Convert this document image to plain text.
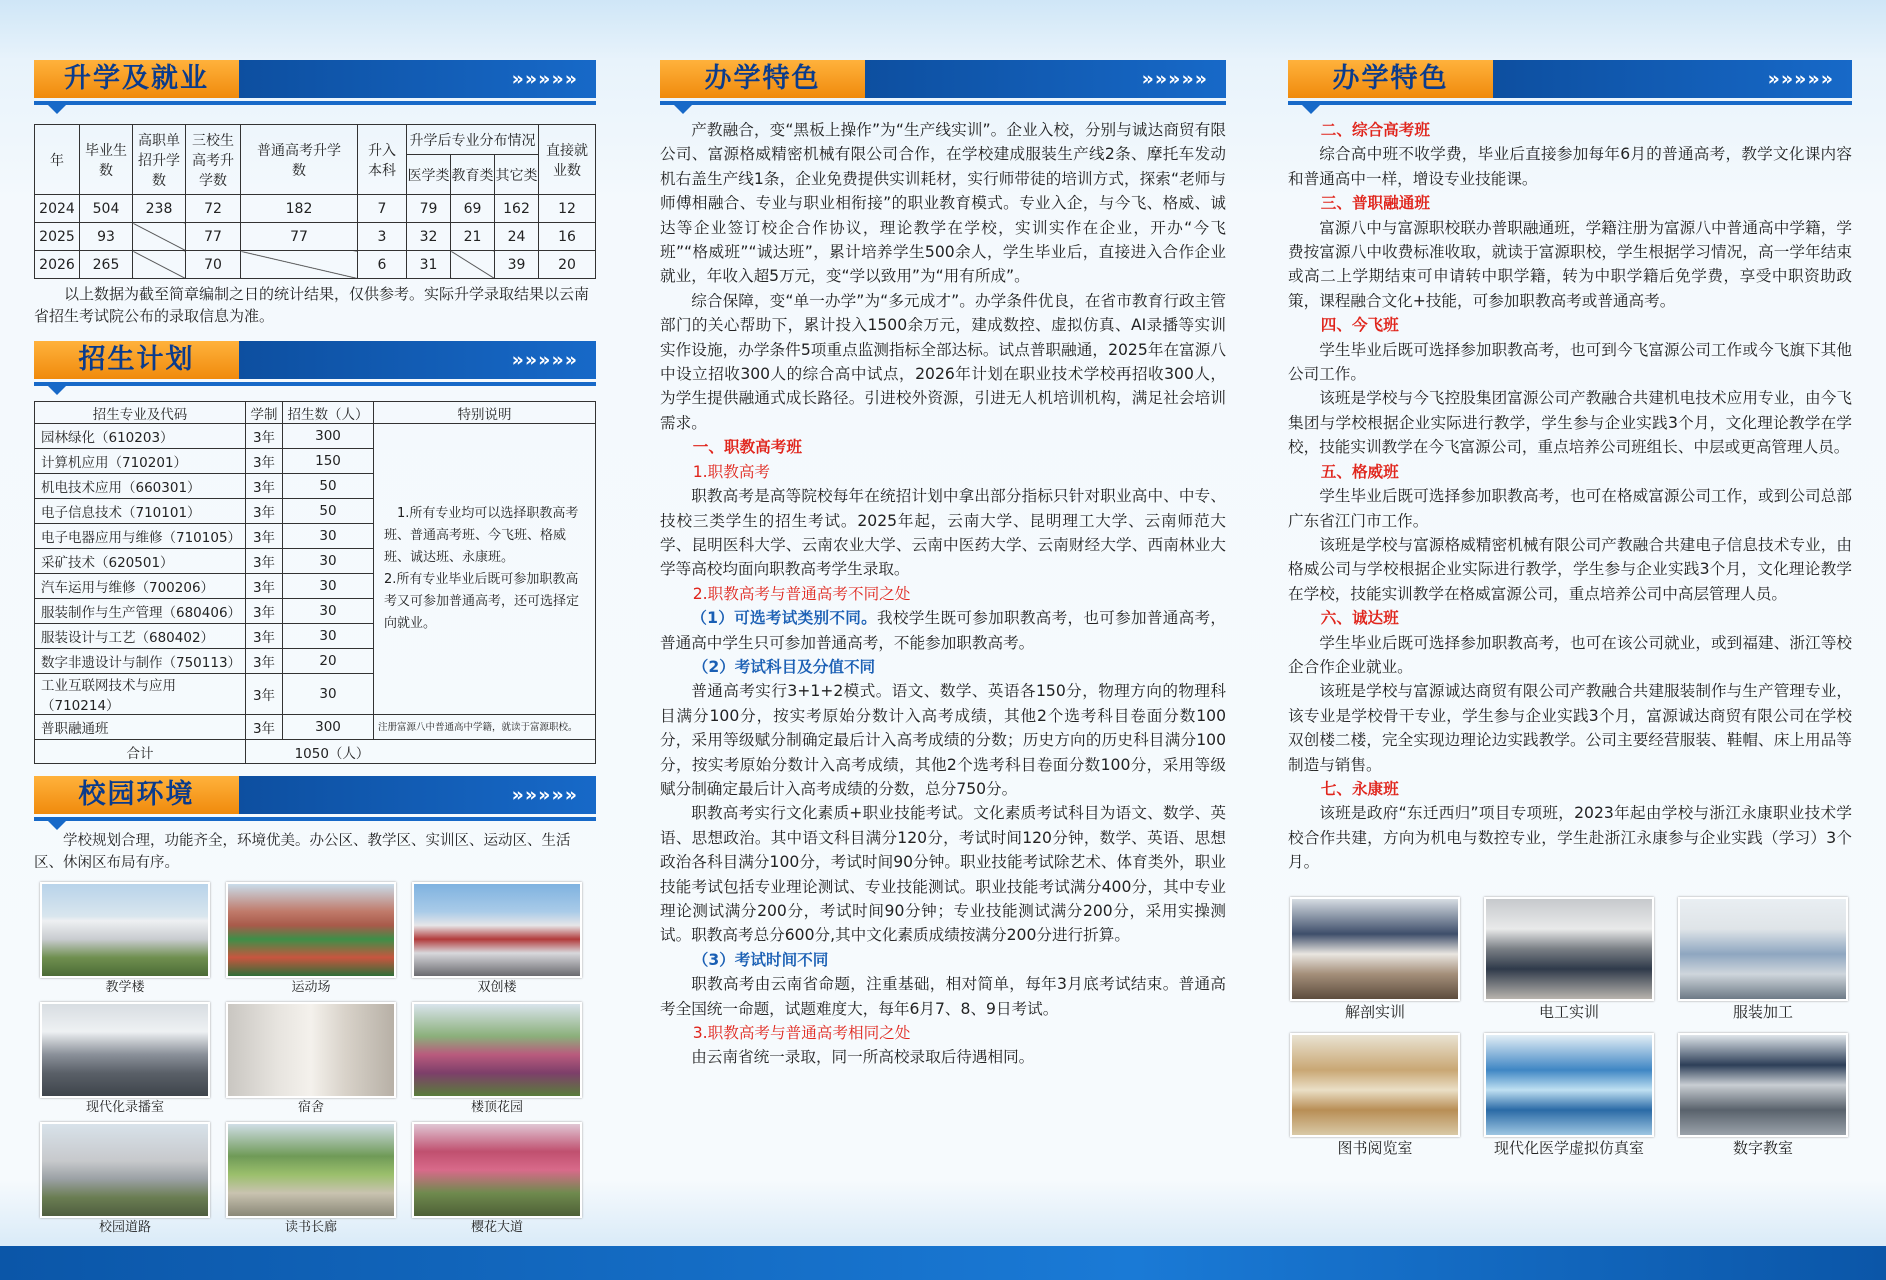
升学及就业	»»»»»
年	毕业生数	高职单招升学数	三校生高考升学数	普通高考升学数	升入本科	升学后专业分布情况			直接就业数
						医学类	教育类	其它类	
2024	504	238	72	182	7	79	69	162	12
2025	93		77	77	3	32	21	24	16
2026	265		70		6	31		39	20

以上数据为截至简章编制之日的统计结果，仅供参考。实际升学录取结果以云南省招生考试院公布的录取信息为准。

招生计划	»»»»»
招生专业及代码	学制	招生数（人）	特别说明
园林绿化（610203）	3年	300	1.所有专业均可以选择职教高考班、普通高考班、今飞班、格威班、诚达班、永康班。
2.所有专业毕业后既可参加职教高考又可参加普通高考，还可选择定向就业。
计算机应用（710201）	3年	150	
机电技术应用（660301）	3年	50	
电子信息技术（710101）	3年	50	
电子电器应用与维修（710105）	3年	30	
采矿技术（620501）	3年	30	
汽车运用与维修（700206）	3年	30	
服装制作与生产管理（680406）	3年	30	
服装设计与工艺（680402）	3年	30	
数字非遗设计与制作（750113）	3年	20	
工业互联网技术与应用（710214）	3年	30	
普职融通班	3年	300	注册富源八中普通高中学籍，就读于富源职校。
合计	1050（人）		
校园环境	»»»»»

学校规划合理，功能齐全，环境优美。办公区、教学区、实训区、运动区、生活区、休闲区布局有序。

教学楼	运动场	双创楼
现代化录播室	宿舍	楼顶花园
校园道路	读书长廊	樱花大道
办学特色	»»»»»

产教融合，变“黑板上操作”为“生产线实训”。企业入校，分别与诚达商贸有限公司、富源格威精密机械有限公司合作，在学校建成服装生产线2条、摩托车发动机右盖生产线1条，企业免费提供实训耗材，实行师带徒的培训方式，探索“老师与师傅相融合、专业与职业相衔接”的职业教育模式。专业入企，与今飞、格威、诚达等企业签订校企合作协议，理论教学在学校，实训实作在企业，开办“今飞班”“格威班”“诚达班”，累计培养学生500余人，学生毕业后，直接进入合作企业就业，年收入超5万元，变“学以致用”为“用有所成”。

综合保障，变“单一办学”为“多元成才”。办学条件优良，在省市教育行政主管部门的关心帮助下，累计投入1500余万元，建成数控、虚拟仿真、AI录播等实训实作设施，办学条件5项重点监测指标全部达标。试点普职融通，2025年在富源八中设立招收300人的综合高中试点，2026年计划在职业技术学校再招收300人，为学生提供融通式成长路径。引进校外资源，引进无人机培训机构，满足社会培训需求。

一、职教高考班

1.职教高考

职教高考是高等院校每年在统招计划中拿出部分指标只针对职业高中、中专、技校三类学生的招生考试。2025年起，云南大学、昆明理工大学、云南师范大学、昆明医科大学、云南农业大学、云南中医药大学、云南财经大学、西南林业大学等高校均面向职教高考学生录取。

2.职教高考与普通高考不同之处

（1）可选考试类别不同。我校学生既可参加职教高考，也可参加普通高考，普通高中学生只可参加普通高考，不能参加职教高考。

（2）考试科目及分值不同

普通高考实行3+1+2模式。语文、数学、英语各150分，物理方向的物理科目满分100分，按实考原始分数计入高考成绩，其他2个选考科目卷面分数100分，采用等级赋分制确定最后计入高考成绩的分数；历史方向的历史科目满分100分，按实考原始分数计入高考成绩，其他2个选考科目卷面分数100分，采用等级赋分制确定最后计入高考成绩的分数，总分750分。

职教高考实行文化素质+职业技能考试。文化素质考试科目为语文、数学、英语、思想政治。其中语文科目满分120分，考试时间120分钟，数学、英语、思想政治各科目满分100分，考试时间90分钟。职业技能考试除艺术、体育类外，职业技能考试包括专业理论测试、专业技能测试。职业技能考试满分400分，其中专业理论测试满分200分，考试时间90分钟；专业技能测试满分200分，采用实操测试。职教高考总分600分,其中文化素质成绩按满分200分进行折算。

（3）考试时间不同

职教高考由云南省命题，注重基础，相对简单，每年3月底考试结束。普通高考全国统一命题，试题难度大，每年6月7、8、9日考试。

3.职教高考与普通高考相同之处

由云南省统一录取，同一所高校录取后待遇相同。

办学特色	»»»»»

二、综合高考班

综合高中班不收学费，毕业后直接参加每年6月的普通高考，教学文化课内容和普通高中一样，增设专业技能课。

三、普职融通班

富源八中与富源职校联办普职融通班，学籍注册为富源八中普通高中学籍，学费按富源八中收费标准收取，就读于富源职校，学生根据学习情况，高一学年结束或高二上学期结束可申请转中职学籍，转为中职学籍后免学费，享受中职资助政策，课程融合文化+技能，可参加职教高考或普通高考。

四、今飞班

学生毕业后既可选择参加职教高考，也可到今飞富源公司工作或今飞旗下其他公司工作。

该班是学校与今飞控股集团富源公司产教融合共建机电技术应用专业，由今飞集团与学校根据企业实际进行教学，学生参与企业实践3个月，文化理论教学在学校，技能实训教学在今飞富源公司，重点培养公司班组长、中层或更高管理人员。

五、格威班

学生毕业后既可选择参加职教高考，也可在格威富源公司工作，或到公司总部广东省江门市工作。

该班是学校与富源格威精密机械有限公司产教融合共建电子信息技术专业，由格威公司与学校根据企业实际进行教学，学生参与企业实践3个月，文化理论教学在学校，技能实训教学在格威富源公司，重点培养公司中高层管理人员。

六、诚达班

学生毕业后既可选择参加职教高考，也可在该公司就业，或到福建、浙江等校企合作企业就业。

该班是学校与富源诚达商贸有限公司产教融合共建服装制作与生产管理专业，该专业是学校骨干专业，学生参与企业实践3个月，富源诚达商贸有限公司在学校双创楼二楼，完全实现边理论边实践教学。公司主要经营服装、鞋帽、床上用品等制造与销售。

七、永康班

该班是政府“东迁西归”项目专项班，2023年起由学校与浙江永康职业技术学校合作共建，方向为机电与数控专业，学生赴浙江永康参与企业实践（学习）3个月。

解剖实训	电工实训	服装加工
图书阅览室	现代化医学虚拟仿真室	数字教室
